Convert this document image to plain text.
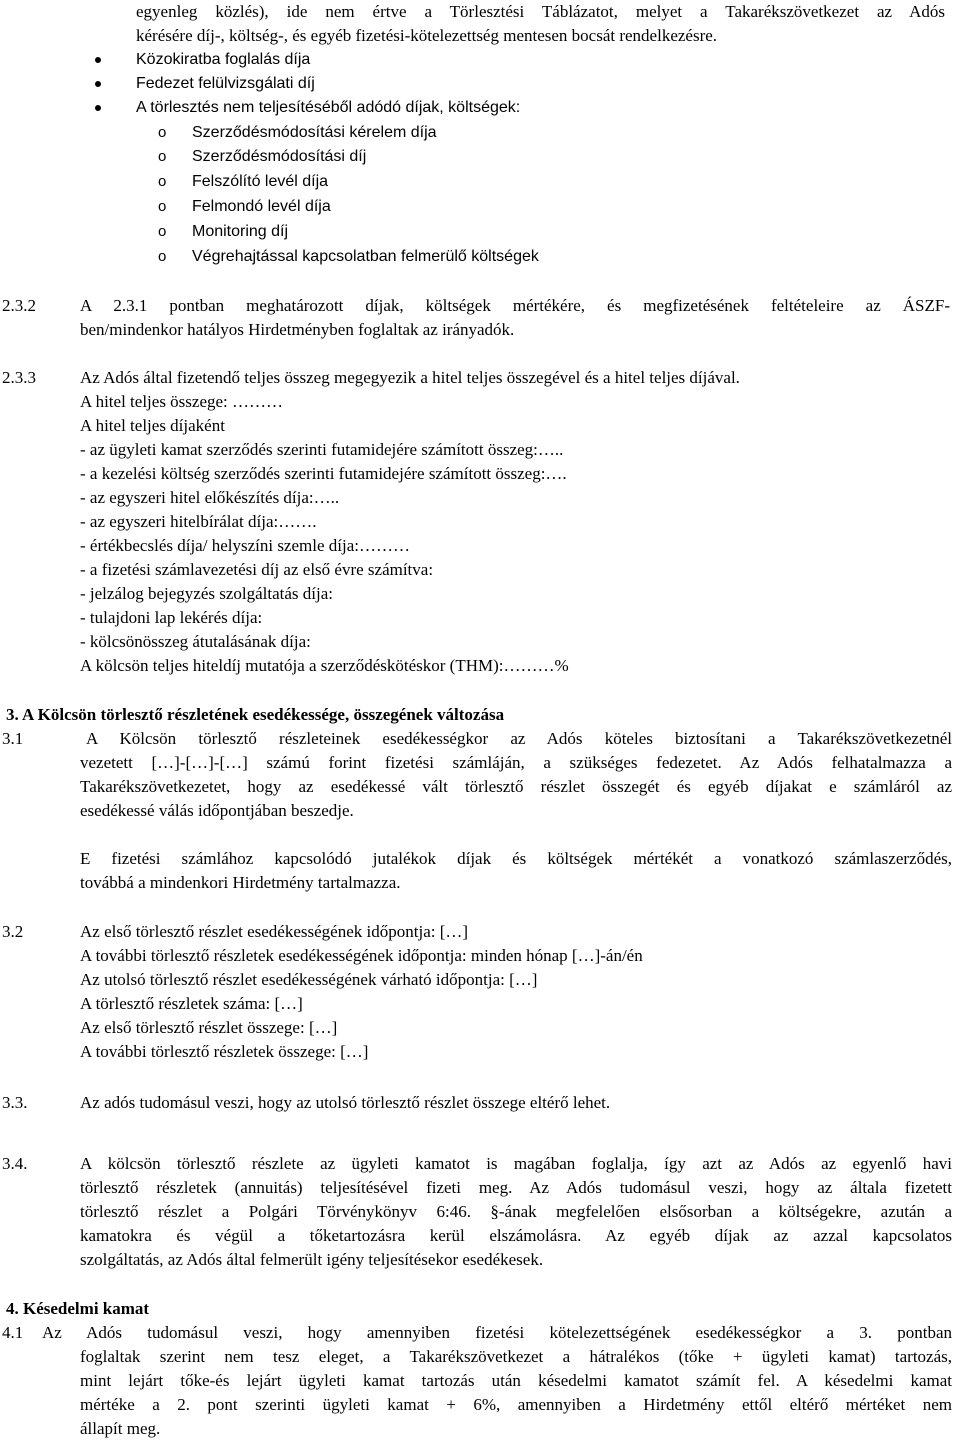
egyenleg közlés), ide nem értve a Törlesztési Táblázatot, melyet a Takarékszövetkezet az Adós
kérésére díj-, költség-, és egyéb fizetési-kötelezettség mentesen bocsát rendelkezésre.
Közokiratba foglalás díja
Fedezet felülvizsgálati díj
A törlesztés nem teljesítéséből adódó díjak, költségek:
o Szerződésmódosítási kérelem díja
o Szerződésmódosítási díj
o Felszólító levél díja
o Felmondó levél díja
o Monitoring díj
o Végrehajtással kapcsolatban felmerülő költségek
2.3.2	A 2.3.1 pontban meghatározott díjak, költségek mértékére, és megfizetésének feltételeire az ÁSZF-
ben/mindenkor hatályos Hirdetményben foglaltak az irányadók.
2.3.3	Az Adós által fizetendő teljes összeg megegyezik a hitel teljes összegével és a hitel teljes díjával.
A hitel teljes összege: ………
A hitel teljes díjaként
- az ügyleti kamat szerződés szerinti futamidejére számított összeg:…..
- a kezelési költség szerződés szerinti futamidejére számított összeg:….
- az egyszeri hitel előkészítés díja:…..
- az egyszeri hitelbírálat díja:…….
- értékbecslés díja/ helyszíni szemle díja:………
- a fizetési számlavezetési díj az első évre számítva:
- jelzálog bejegyzés szolgáltatás díja:
- tulajdoni lap lekérés díja:
- kölcsönösszeg átutalásának díja:
A kölcsön teljes hiteldíj mutatója a szerződéskötéskor (THM):………%
3. A Kölcsön törlesztő részletének esedékessége, összegének változása
3.1	A Kölcsön törlesztő részleteinek esedékességkor az Adós köteles biztosítani a Takarékszövetkezetnél
vezetett […]-[…]-[…] számú forint fizetési számláján, a szükséges fedezetet. Az Adós felhatalmazza a
Takarékszövetkezetet, hogy az esedékessé vált törlesztő részlet összegét és egyéb díjakat e számláról az
esedékessé válás időpontjában beszedje.
E fizetési számlához kapcsolódó jutalékok díjak és költségek mértékét a vonatkozó számlaszerződés,
továbbá a mindenkori Hirdetmény tartalmazza.
3.2	Az első törlesztő részlet esedékességének időpontja: […]
A további törlesztő részletek esedékességének időpontja: minden hónap […]-án/én
Az utolsó törlesztő részlet esedékességének várható időpontja: […]
A törlesztő részletek száma: […]
Az első törlesztő részlet összege: […]
A további törlesztő részletek összege: […]
3.3.	Az adós tudomásul veszi, hogy az utolsó törlesztő részlet összege eltérő lehet.
3.4.	A kölcsön törlesztő részlete az ügyleti kamatot is magában foglalja, így azt az Adós az egyenlő havi
törlesztő részletek (annuitás) teljesítésével fizeti meg. Az Adós tudomásul veszi, hogy az általa fizetett
törlesztő részlet a Polgári Törvénykönyv 6:46. §-ának megfelelően elsősorban a költségekre, azután a
kamatokra és végül a tőketartozásra kerül elszámolásra. Az egyéb díjak az azzal kapcsolatos
szolgáltatás, az Adós által felmerült igény teljesítésekor esedékesek.
4. Késedelmi kamat
4.1 Az Adós tudomásul veszi, hogy amennyiben fizetési kötelezettségének esedékességkor a 3. pontban
foglaltak szerint nem tesz eleget, a Takarékszövetkezet a hátralékos (tőke + ügyleti kamat) tartozás,
mint lejárt tőke-és lejárt ügyleti kamat tartozás után késedelmi kamatot számít fel. A késedelmi kamat
mértéke a 2. pont szerinti ügyleti kamat + 6%, amennyiben a Hirdetmény ettől eltérő mértéket nem
állapít meg.
